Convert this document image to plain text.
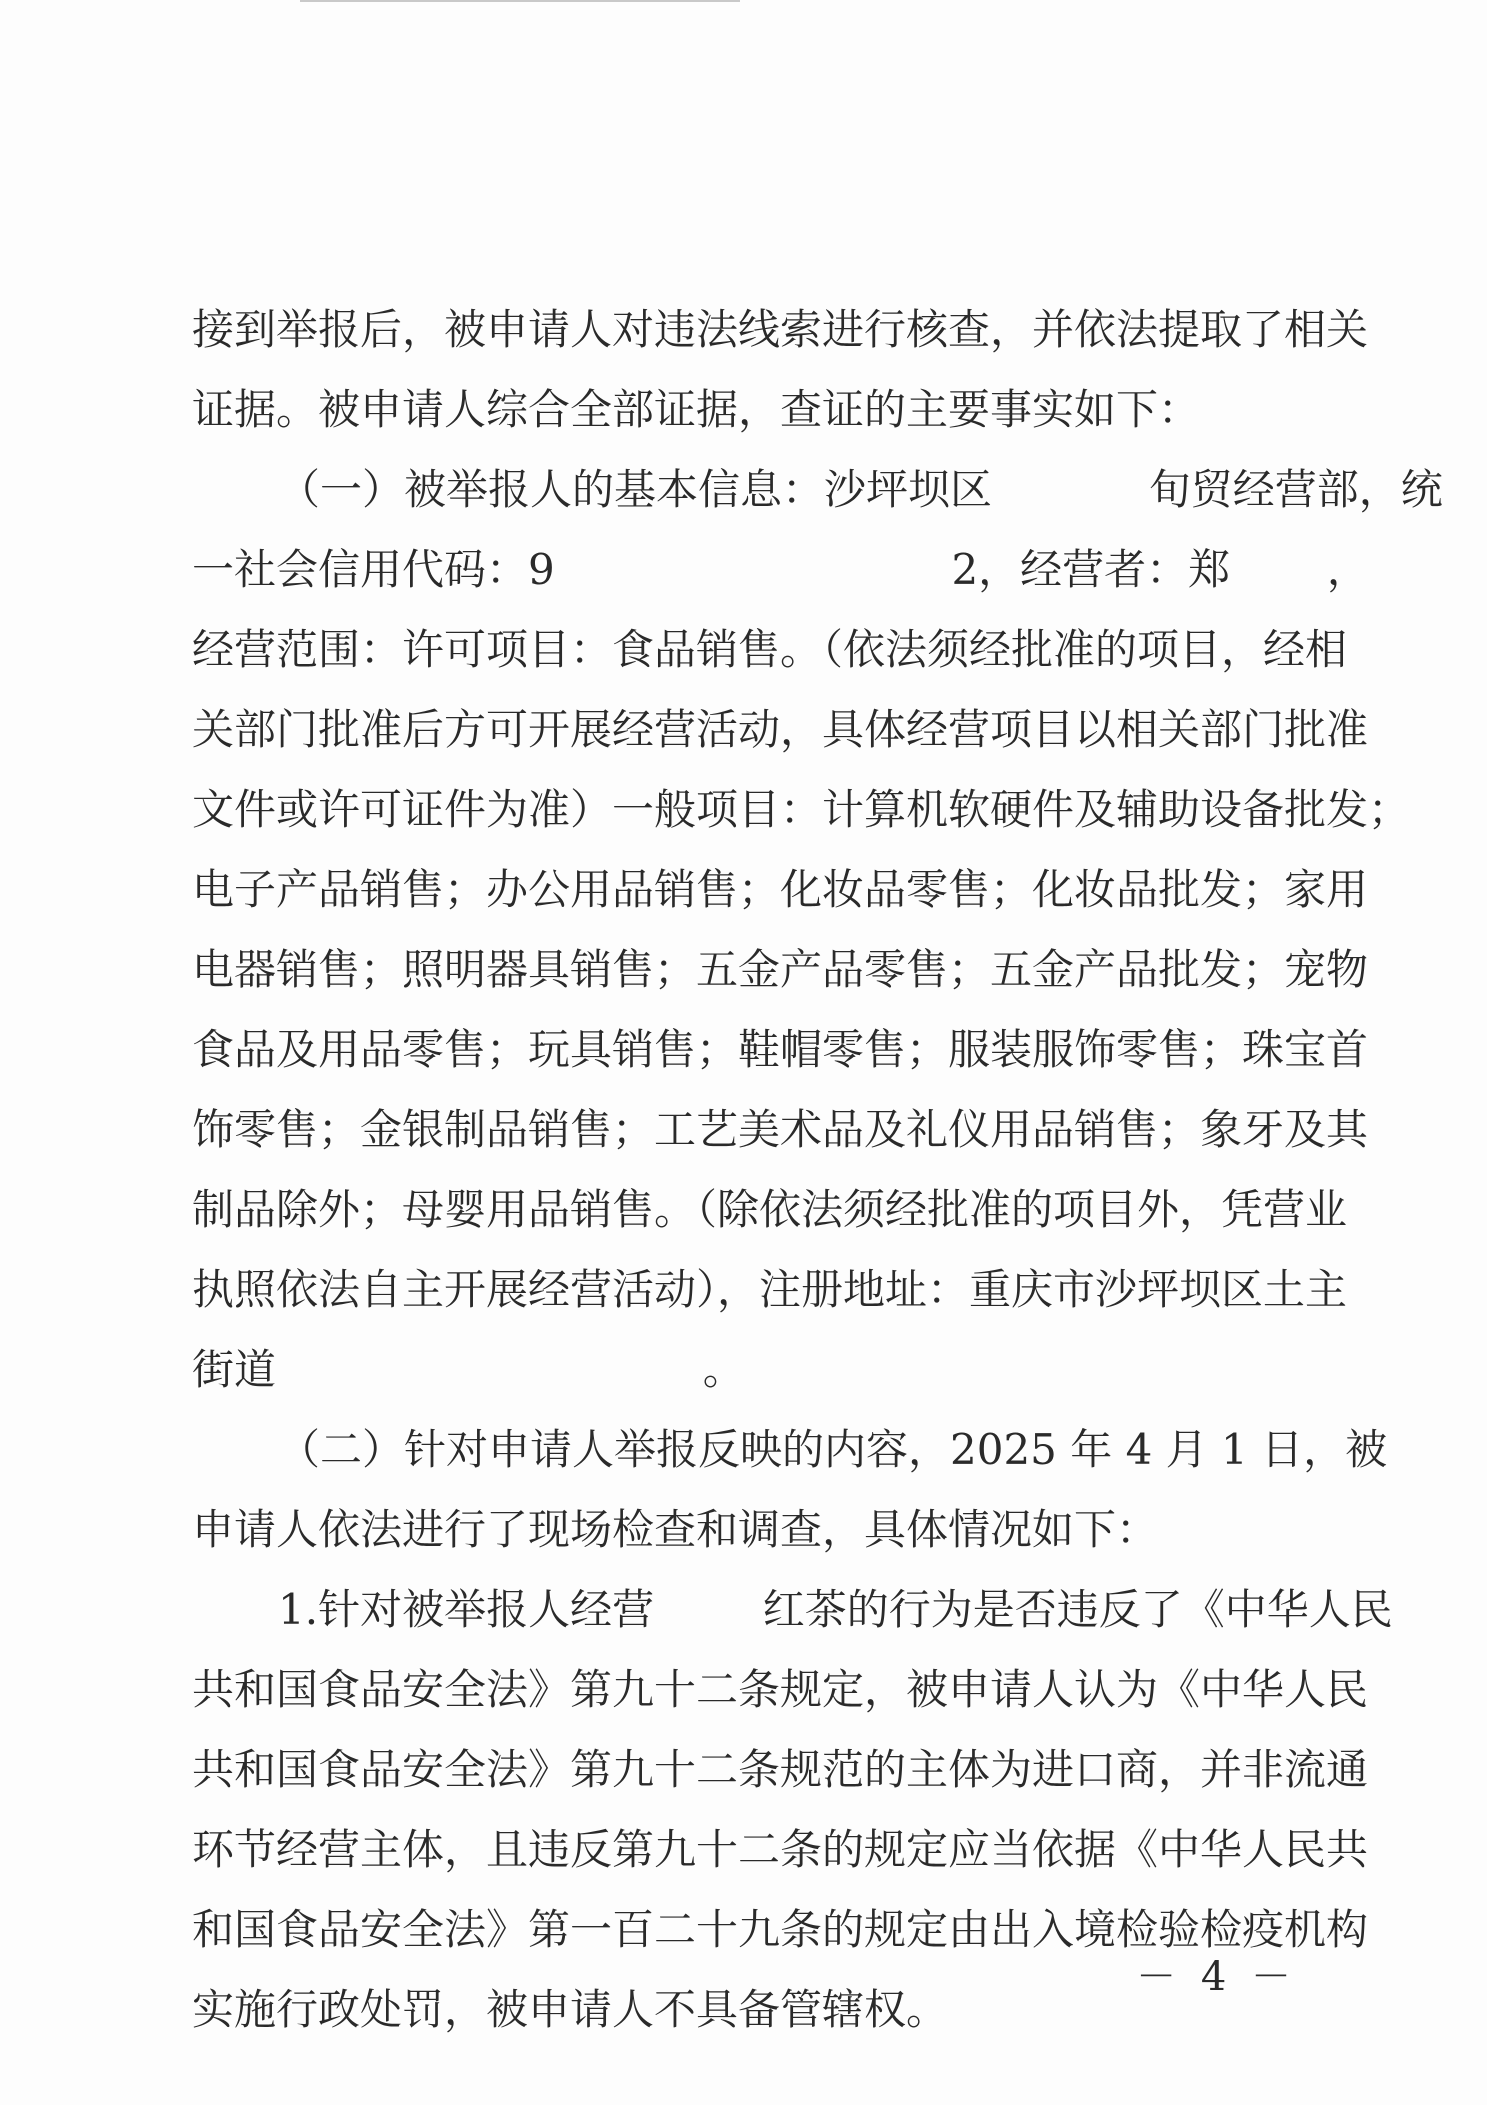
接到举报后，被申请人对违法线索进行核查，并依法提取了相关
证据。被申请人综合全部证据，查证的主要事实如下：
（一）被举报人的基本信息：沙坪坝区	旬贸经营部，统
一社会信用代码：9	2，经营者：郑 ，
经营范围：许可项目：食品销售。（依法须经批准的项目，经相
关部门批准后方可开展经营活动，具体经营项目以相关部门批准
文件或许可证件为准）一般项目：计算机软硬件及辅助设备批发；
电子产品销售；办公用品销售；化妆品零售；化妆品批发；家用
电器销售；照明器具销售；五金产品零售；五金产品批发；宠物
食品及用品零售；玩具销售；鞋帽零售；服装服饰零售；珠宝首
饰零售；金银制品销售；工艺美术品及礼仪用品销售；象牙及其
制品除外；母婴用品销售。（除依法须经批准的项目外，凭营业
执照依法自主开展经营活动），注册地址：重庆市沙坪坝区土主
街道	。
（二）针对申请人举报反映的内容，2025 年 4 月 1 日，被
申请人依法进行了现场检查和调查，具体情况如下：
1.针对被举报人经营	红茶的行为是否违反了《中华人民
共和国食品安全法》第九十二条规定，被申请人认为《中华人民
共和国食品安全法》第九十二条规范的主体为进口商，并非流通
环节经营主体，且违反第九十二条的规定应当依据《中华人民共
和国食品安全法》第一百二十九条的规定由出入境检验检疫机构
实施行政处罚，被申请人不具备管辖权。
－ 4 －
